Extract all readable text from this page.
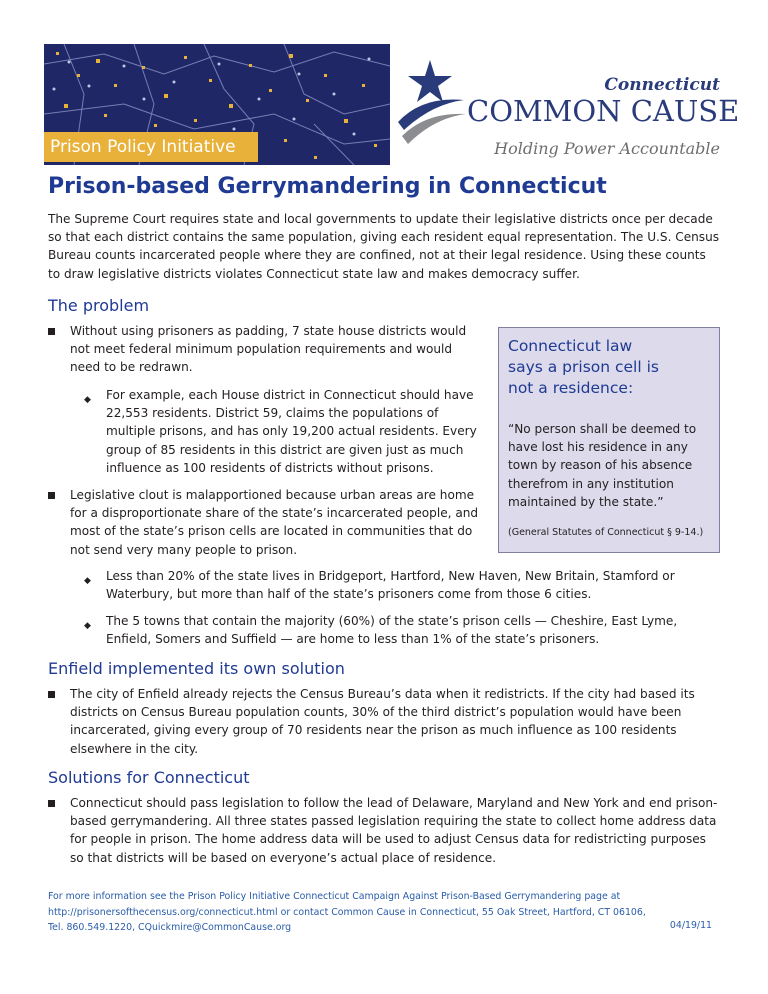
Prison Policy Initiative
Connecticut
COMMON CAUSE
Holding Power Accountable
Prison-based Gerrymandering in Connecticut
The Supreme Court requires state and local governments to update their legislative districts once per decade so that each district contains the same population, giving each resident equal representation. The U.S. Census Bureau counts incarcerated people where they are confined, not at their legal residence. Using these counts to draw legislative districts violates Connecticut state law and makes democracy suffer.
The problem
Without using prisoners as padding, 7 state house districts would not meet federal minimum population requirements and would need to be redrawn.
◆ For example, each House district in Connecticut should have 22,553 residents. District 59, claims the populations of multiple prisons, and has only 19,200 actual residents. Every group of 85 residents in this district are given just as much influence as 100 residents of districts without prisons.
Legislative clout is malapportioned because urban areas are home for a disproportionate share of the state’s incarcerated people, and most of the state’s prison cells are located in communities that do not send very many people to prison.
◆ Less than 20% of the state lives in Bridgeport, Hartford, New Haven, New Britain, Stamford or Waterbury, but more than half of the state’s prisoners come from those 6 cities.
◆ The 5 towns that contain the majority (60%) of the state’s prison cells — Cheshire, East Lyme, Enfield, Somers and Suffield — are home to less than 1% of the state’s prisoners.
Connecticut law
says a prison cell is
not a residence:
“No person shall be deemed to have lost his residence in any town by reason of his absence therefrom in any institution maintained by the state.”
(General Statutes of Connecticut § 9-14.)
Enfield implemented its own solution
The city of Enfield already rejects the Census Bureau’s data when it redistricts. If the city had based its districts on Census Bureau population counts, 30% of the third district’s population would have been incarcerated, giving every group of 70 residents near the prison as much influence as 100 residents elsewhere in the city.
Solutions for Connecticut
Connecticut should pass legislation to follow the lead of Delaware, Maryland and New York and end prison-based gerrymandering. All three states passed legislation requiring the state to collect home address data for people in prison. The home address data will be used to adjust Census data for redistricting purposes so that districts will be based on everyone’s actual place of residence.
For more information see the Prison Policy Initiative Connecticut Campaign Against Prison-Based Gerrymandering page at
http://prisonersofthecensus.org/connecticut.html or contact Common Cause in Connecticut, 55 Oak Street, Hartford, CT 06106,
Tel. 860.549.1220, CQuickmire@CommonCause.org	04/19/11
